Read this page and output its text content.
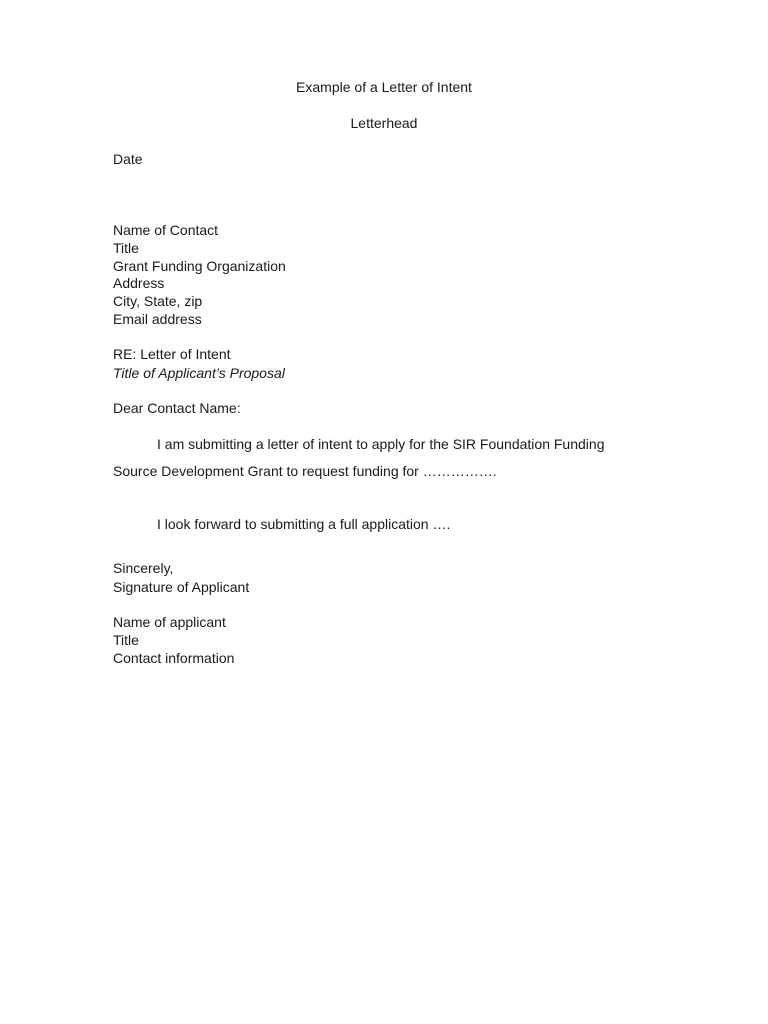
Example of a Letter of Intent
Letterhead
Date
Name of Contact
Title
Grant Funding Organization
Address
City, State, zip
Email address
RE: Letter of Intent
Title of Applicant’s Proposal
Dear Contact Name:
I am submitting a letter of intent to apply for the SIR Foundation Funding
Source Development Grant to request funding for …………….
I look forward to submitting a full application ….
Sincerely,
Signature of Applicant
Name of applicant
Title
Contact information
